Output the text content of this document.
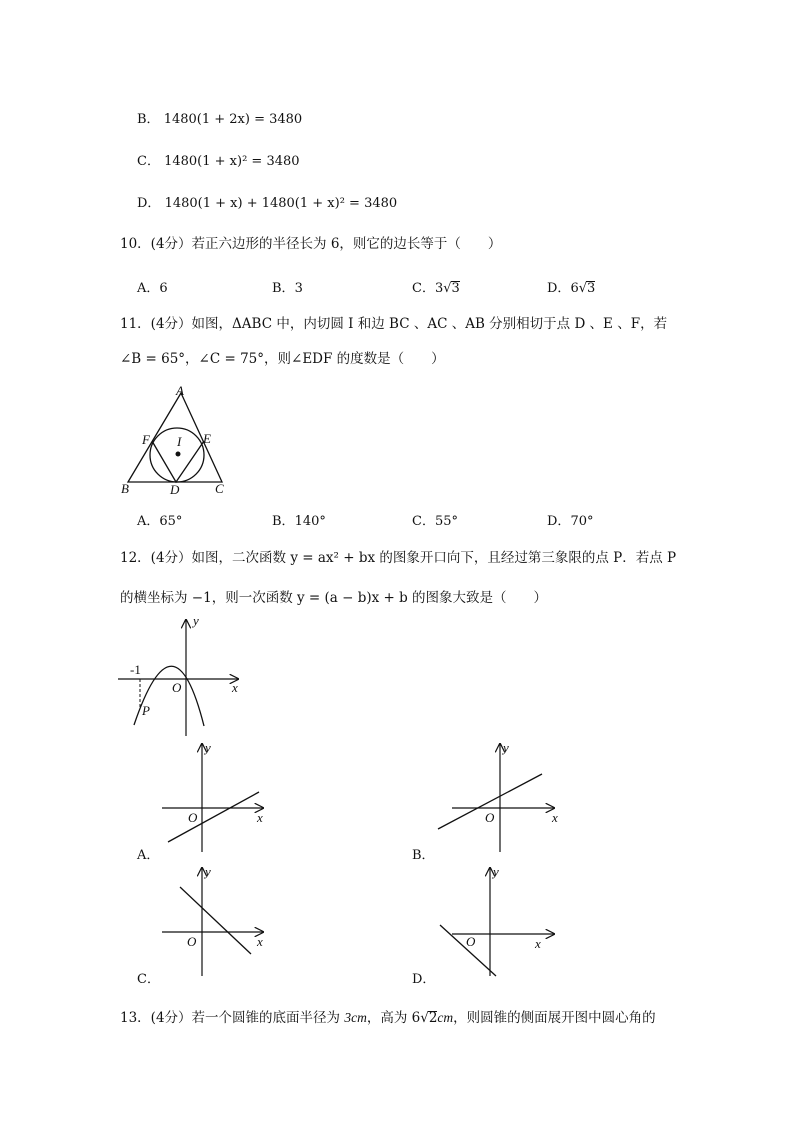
B． 1480(1 + 2x) = 3480
C． 1480(1 + x)² = 3480
D． 1480(1 + x) + 1480(1 + x)² = 3480
10．(4分）若正六边形的半径长为 6，则它的边长等于（　　）
A．6	B．3	C．3√3	D．6√3
11．(4分）如图，ΔABC 中，内切圆 I 和边 BC 、AC 、AB 分别相切于点 D 、E 、F，若
∠B = 65°，∠C = 75°，则∠EDF 的度数是（　　）
A
B	C
D
E
F I
A．65°	B．140°	C．55°	D．70°
12．(4分）如图，二次函数 y = ax² + bx 的图象开口向下，且经过第三象限的点 P．若点 P
的横坐标为 −1，则一次函数 y = (a − b)x + b 的图象大致是（　　）
-1
O	x
y
P
O	x
y
A．
O	x
y
B．
O	x
y
C．
O	x
y
D．
13．(4分）若一个圆锥的底面半径为 3cm，高为 6√2cm，则圆锥的侧面展开图中圆心角的
